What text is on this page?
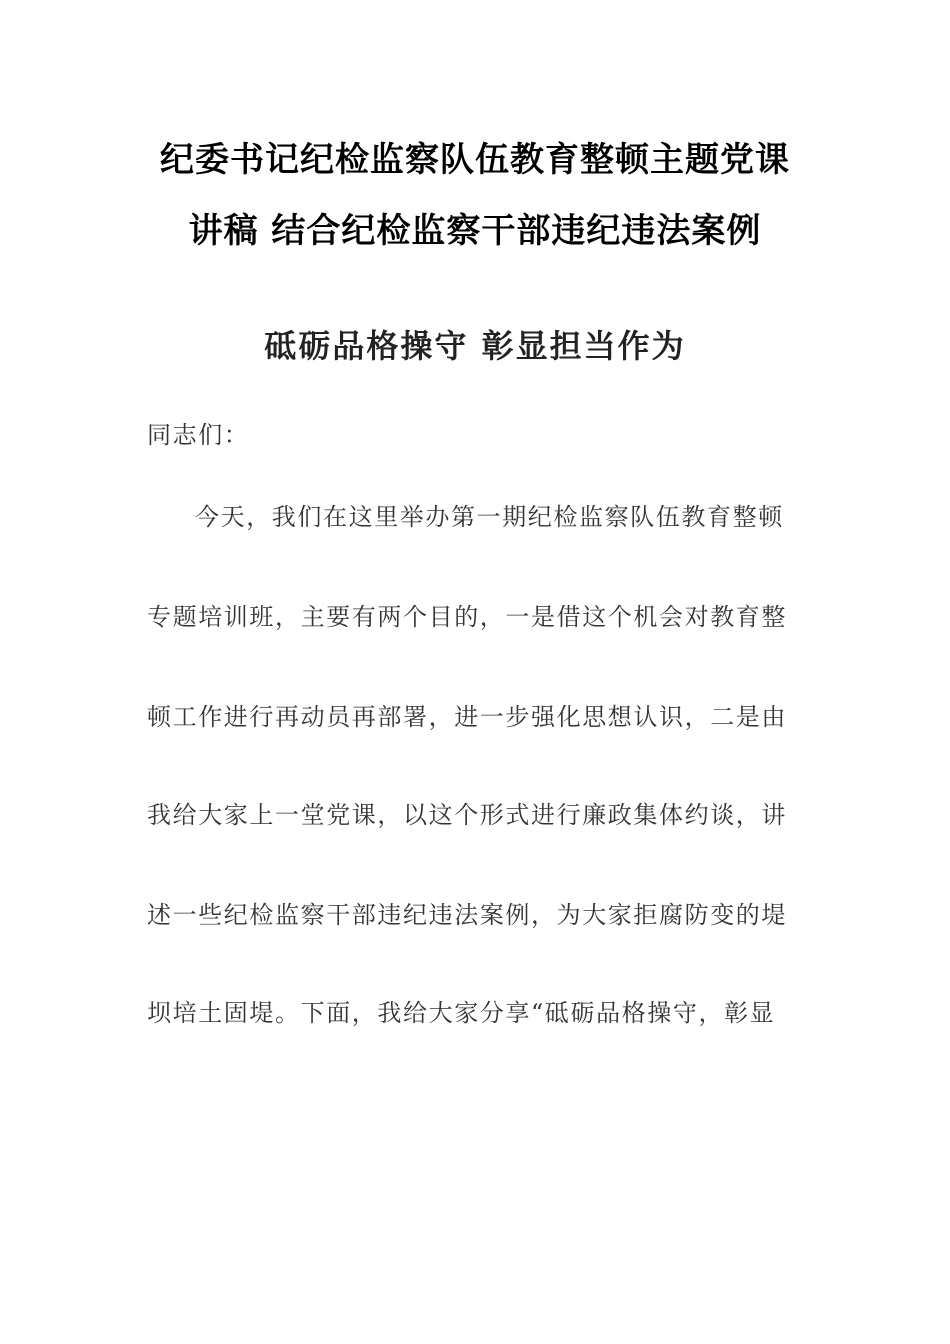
纪委书记纪检监察队伍教育整顿主题党课
讲稿 结合纪检监察干部违纪违法案例
砥砺品格操守 彰显担当作为
同志们：
今天，我们在这里举办第一期纪检监察队伍教育整顿
专题培训班，主要有两个目的，一是借这个机会对教育整
顿工作进行再动员再部署，进一步强化思想认识，二是由
我给大家上一堂党课，以这个形式进行廉政集体约谈，讲
述一些纪检监察干部违纪违法案例，为大家拒腐防变的堤
坝培土固堤。下面，我给大家分享“砥砺品格操守，彰显
